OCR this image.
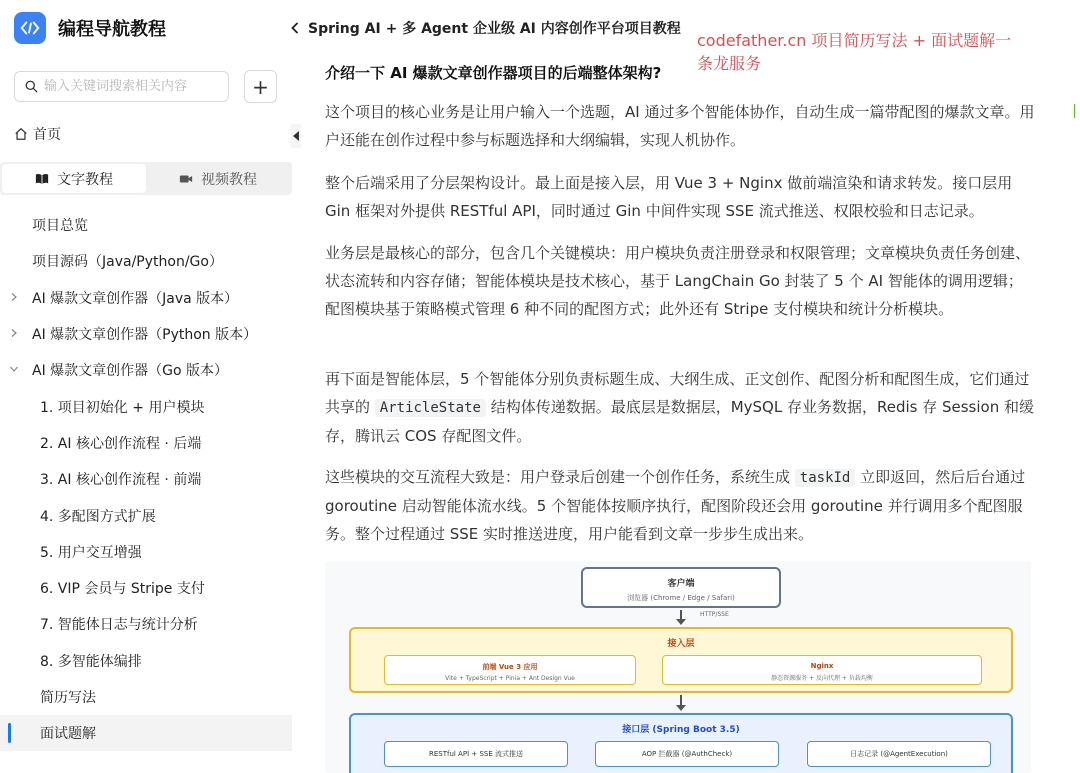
编程导航教程
输入关键词搜索相关内容
+
首页
文字教程	视频教程
项目总览
项目源码（Java/Python/Go）
AI 爆款文章创作器（Java 版本）
AI 爆款文章创作器（Python 版本）
AI 爆款文章创作器（Go 版本）
1. 项目初始化 + 用户模块
2. AI 核心创作流程 · 后端
3. AI 核心创作流程 · 前端
4. 多配图方式扩展
5. 用户交互增强
6. VIP 会员与 Stripe 支付
7. 智能体日志与统计分析
8. 多智能体编排
简历写法
面试题解
Spring AI + 多 Agent 企业级 AI 内容创作平台项目教程
codefather.cn 项目简历写法 + 面试题解一条龙服务
介绍一下 AI 爆款文章创作器项目的后端整体架构?
这个项目的核心业务是让用户输入一个选题，AI 通过多个智能体协作，自动生成一篇带配图的爆款文章。用户还能在创作过程中参与标题选择和大纲编辑，实现人机协作。
整个后端采用了分层架构设计。最上面是接入层，用 Vue 3 + Nginx 做前端渲染和请求转发。接口层用 Gin 框架对外提供 RESTful API，同时通过 Gin 中间件实现 SSE 流式推送、权限校验和日志记录。
业务层是最核心的部分，包含几个关键模块：用户模块负责注册登录和权限管理；文章模块负责任务创建、状态流转和内容存储；智能体模块是技术核心，基于 LangChain Go 封装了 5 个 AI 智能体的调用逻辑；配图模块基于策略模式管理 6 种不同的配图方式；此外还有 Stripe 支付模块和统计分析模块。
再下面是智能体层，5 个智能体分别负责标题生成、大纲生成、正文创作、配图分析和配图生成，它们通过共享的 ArticleState 结构体传递数据。最底层是数据层，MySQL 存业务数据，Redis 存 Session 和缓存，腾讯云 COS 存配图文件。
这些模块的交互流程大致是：用户登录后创建一个创作任务，系统生成 taskId 立即返回，然后后台通过 goroutine 启动智能体流水线。5 个智能体按顺序执行，配图阶段还会用 goroutine 并行调用多个配图服务。整个过程通过 SSE 实时推送进度，用户能看到文章一步步生成出来。
客户端
浏览器 (Chrome / Edge / Safari)
HTTP/SSE
接入层
前端 Vue 3 应用
Vite + TypeScript + Pinia + Ant Design Vue
Nginx
静态资源服务 + 反向代理 + 负载均衡
接口层 (Spring Boot 3.5)
RESTful API + SSE 流式推送	AOP 拦截器 (@AuthCheck)	日志记录 (@AgentExecution)
